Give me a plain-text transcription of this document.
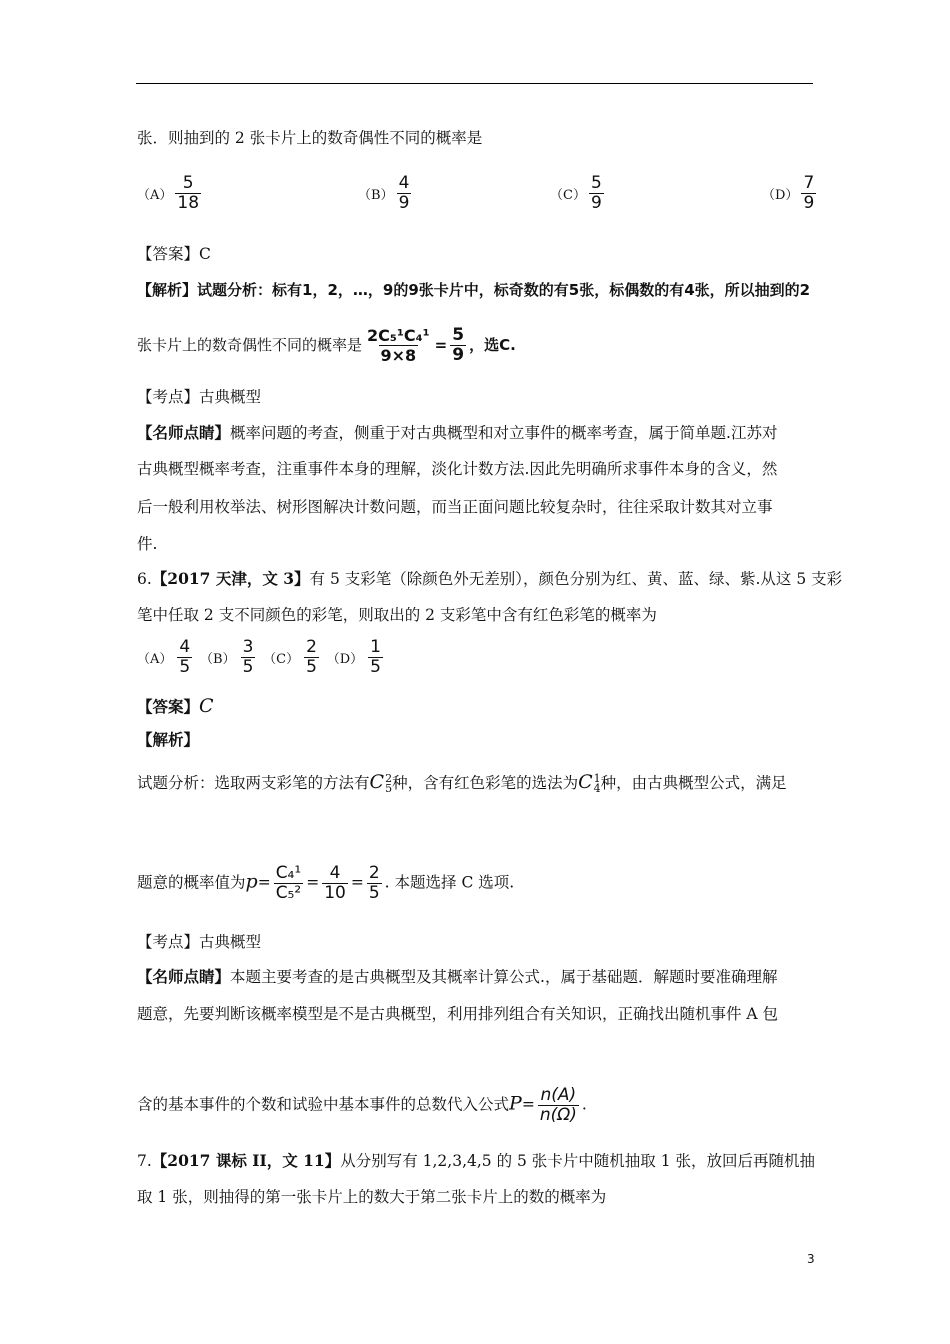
张．则抽到的 2 张卡片上的数奇偶性不同的概率是
$(A) \frac{5}{18}$	$(B) \frac{4}{9}$	$(C) \frac{5}{9}$	$(D) \frac{7}{9}$
【答案】C
【解析】试题分析：标有1，2，…，9的9张卡片中，标奇数的有5张，标偶数的有4张，所以抽到的2
张卡片上的数奇偶性不同的概率是 $\frac{\text{2C₅¹C₄¹}}{9\times 8} = \frac{5}{9}$ ，选C.
【考点】古典概型
【名师点睛】概率问题的考查，侧重于对古典概型和对立事件的概率考查，属于简单题.江苏对
古典概型概率考查，注重事件本身的理解，淡化计数方法.因此先明确所求事件本身的含义，然
后一般利用枚举法、树形图解决计数问题，而当正面问题比较复杂时，往往采取计数其对立事
件.
6.【2017 天津，文 3】有 5 支彩笔（除颜色外无差别），颜色分别为红、黄、蓝、绿、紫.从这 5 支彩
笔中任取 2 支不同颜色的彩笔，则取出的 2 支彩笔中含有红色彩笔的概率为
$(A) \frac{4}{5} (B) \frac{3}{5} (C) \frac{2}{5} (D) \frac{1}{5}$
【答案】C
【解析】
试题分析：选取两支彩笔的方法有C 2
5 种，含有红色彩笔的选法为C 1
4 种，由古典概型公式，满足
题意的概率值为$p= \frac{\text{C₄¹}}{\text{C₅²}} = \frac{4}{10} = \frac{2}{5}$ . 本题选择 C 选项.
【考点】古典概型
【名师点睛】本题主要考查的是古典概型及其概率计算公式.，属于基础题．解题时要准确理解
题意，先要判断该概率模型是不是古典概型，利用排列组合有关知识，正确找出随机事件 A 包
含的基本事件的个数和试验中基本事件的总数代入公式$P= \frac{n(A)}{n(\Omega)}$ .
7.【2017 课标 II，文 11】从分别写有 1,2,3,4,5 的 5 张卡片中随机抽取 1 张，放回后再随机抽
取 1 张，则抽得的第一张卡片上的数大于第二张卡片上的数的概率为
3
